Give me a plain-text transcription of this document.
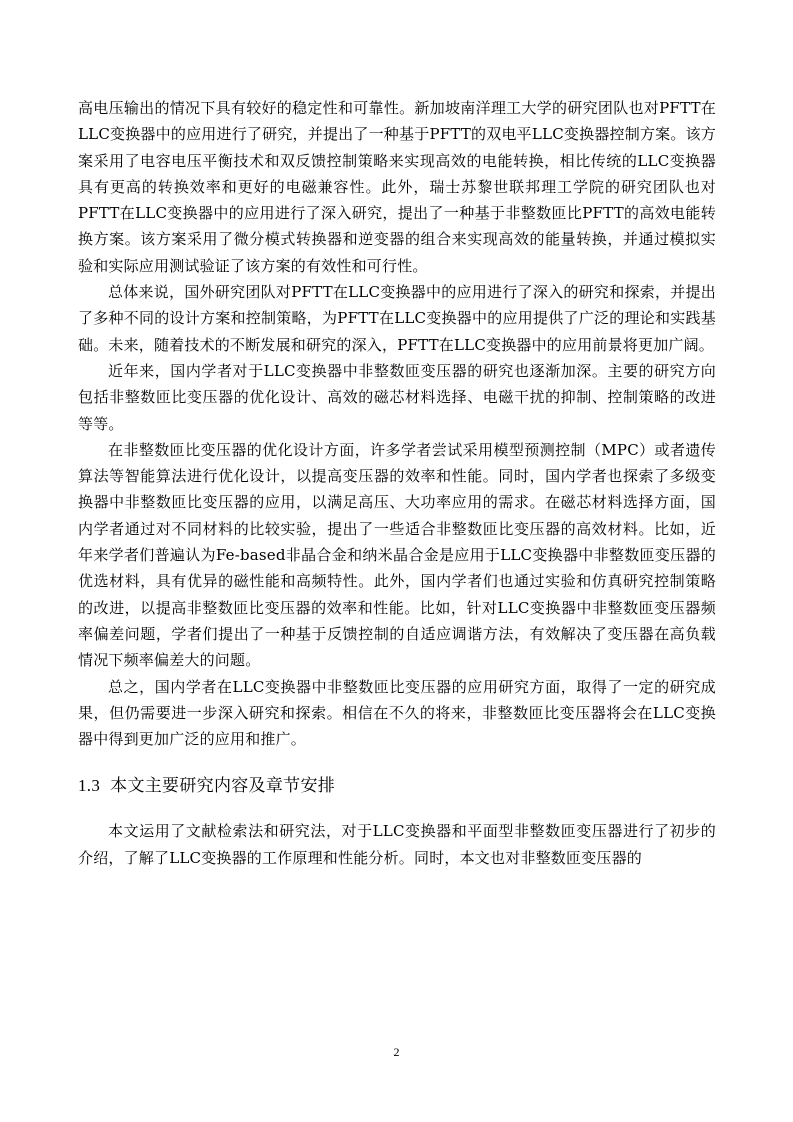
高电压输出的情况下具有较好的稳定性和可靠性。新加坡南洋理工大学的研究团队也对PFTT在LLC变换器中的应用进行了研究，并提出了一种基于PFTT的双电平LLC变换器控制方案。该方案采用了电容电压平衡技术和双反馈控制策略来实现高效的电能转换，相比传统的LLC变换器具有更高的转换效率和更好的电磁兼容性。此外，瑞士苏黎世联邦理工学院的研究团队也对PFTT在LLC变换器中的应用进行了深入研究，提出了一种基于非整数匝比PFTT的高效电能转换方案。该方案采用了微分模式转换器和逆变器的组合来实现高效的能量转换，并通过模拟实验和实际应用测试验证了该方案的有效性和可行性。

总体来说，国外研究团队对PFTT在LLC变换器中的应用进行了深入的研究和探索，并提出了多种不同的设计方案和控制策略，为PFTT在LLC变换器中的应用提供了广泛的理论和实践基础。未来，随着技术的不断发展和研究的深入，PFTT在LLC变换器中的应用前景将更加广阔。

近年来，国内学者对于LLC变换器中非整数匝变压器的研究也逐渐加深。主要的研究方向包括非整数匝比变压器的优化设计、高效的磁芯材料选择、电磁干扰的抑制、控制策略的改进等等。

在非整数匝比变压器的优化设计方面，许多学者尝试采用模型预测控制（MPC）或者遗传算法等智能算法进行优化设计，以提高变压器的效率和性能。同时，国内学者也探索了多级变换器中非整数匝比变压器的应用，以满足高压、大功率应用的需求。在磁芯材料选择方面，国内学者通过对不同材料的比较实验，提出了一些适合非整数匝比变压器的高效材料。比如，近年来学者们普遍认为Fe-based非晶合金和纳米晶合金是应用于LLC变换器中非整数匝变压器的优选材料，具有优异的磁性能和高频特性。此外，国内学者们也通过实验和仿真研究控制策略的改进，以提高非整数匝比变压器的效率和性能。比如，针对LLC变换器中非整数匝变压器频率偏差问题，学者们提出了一种基于反馈控制的自适应调谐方法，有效解决了变压器在高负载情况下频率偏差大的问题。

总之，国内学者在LLC变换器中非整数匝比变压器的应用研究方面，取得了一定的研究成果，但仍需要进一步深入研究和探索。相信在不久的将来，非整数匝比变压器将会在LLC变换器中得到更加广泛的应用和推广。

1.3 本文主要研究内容及章节安排

本文运用了文献检索法和研究法，对于LLC变换器和平面型非整数匝变压器进行了初步的介绍，了解了LLC变换器的工作原理和性能分析。同时，本文也对非整数匝变压器的

2
